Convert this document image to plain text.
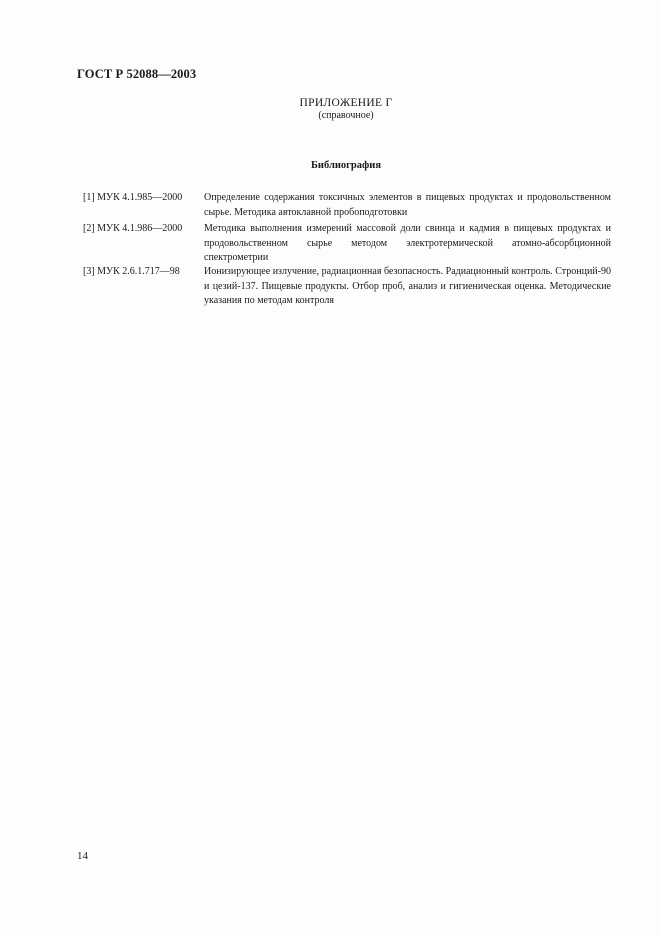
ГОСТ Р 52088—2003
ПРИЛОЖЕНИЕ Г
(справочное)
Библиография
[1] МУК 4.1.985—2000	Определение содержания токсичных элементов в пищевых продуктах и продовольственном сырье. Методика автоклавной пробоподготовки
[2] МУК 4.1.986—2000	Методика выполнения измерений массовой доли свинца и кадмия в пищевых продуктах и продовольственном сырье методом электротермической атомно-абсорбционной спектрометрии
[3] МУК 2.6.1.717—98	Ионизирующее излучение, радиационная безопасность. Радиационный контроль. Стронций-90 и цезий-137. Пищевые продукты. Отбор проб, анализ и гигиеническая оценка. Методические указания по методам контроля
14
